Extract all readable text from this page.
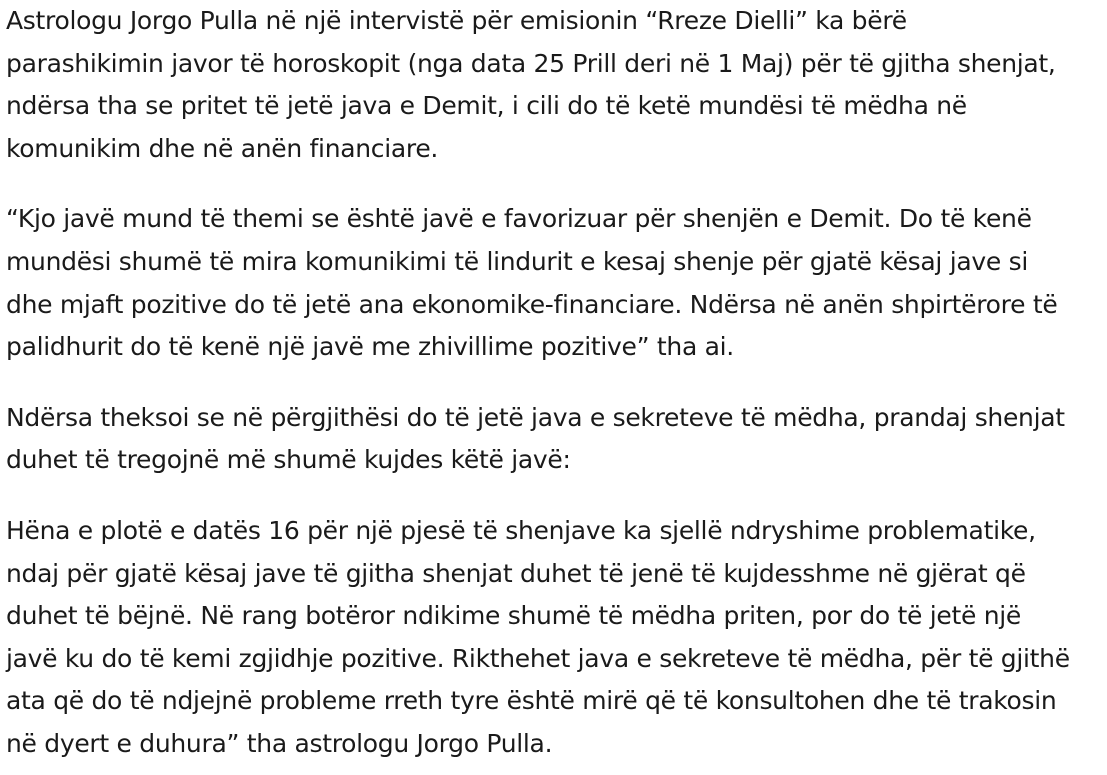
Astrologu Jorgo Pulla në një intervistë për emisionin “Rreze Dielli” ka bërë
parashikimin javor të horoskopit (nga data 25 Prill deri në 1 Maj) për të gjitha shenjat,
ndërsa tha se pritet të jetë java e Demit, i cili do të ketë mundësi të mëdha në
komunikim dhe në anën financiare.

“Kjo javë mund të themi se është javë e favorizuar për shenjën e Demit. Do të kenë
mundësi shumë të mira komunikimi të lindurit e kesaj shenje për gjatë kësaj jave si
dhe mjaft pozitive do të jetë ana ekonomike-financiare. Ndërsa në anën shpirtërore të
palidhurit do të kenë një javë me zhivillime pozitive” tha ai.

Ndërsa theksoi se në përgjithësi do të jetë java e sekreteve të mëdha, prandaj shenjat
duhet të tregojnë më shumë kujdes këtë javë:

Hëna e plotë e datës 16 për një pjesë të shenjave ka sjellë ndryshime problematike,
ndaj për gjatë kësaj jave të gjitha shenjat duhet të jenë të kujdesshme në gjërat që
duhet të bëjnë. Në rang botëror ndikime shumë të mëdha priten, por do të jetë një
javë ku do të kemi zgjidhje pozitive. Rikthehet java e sekreteve të mëdha, për të gjithë
ata që do të ndjejnë probleme rreth tyre është mirë që të konsultohen dhe të trakosin
në dyert e duhura” tha astrologu Jorgo Pulla.
